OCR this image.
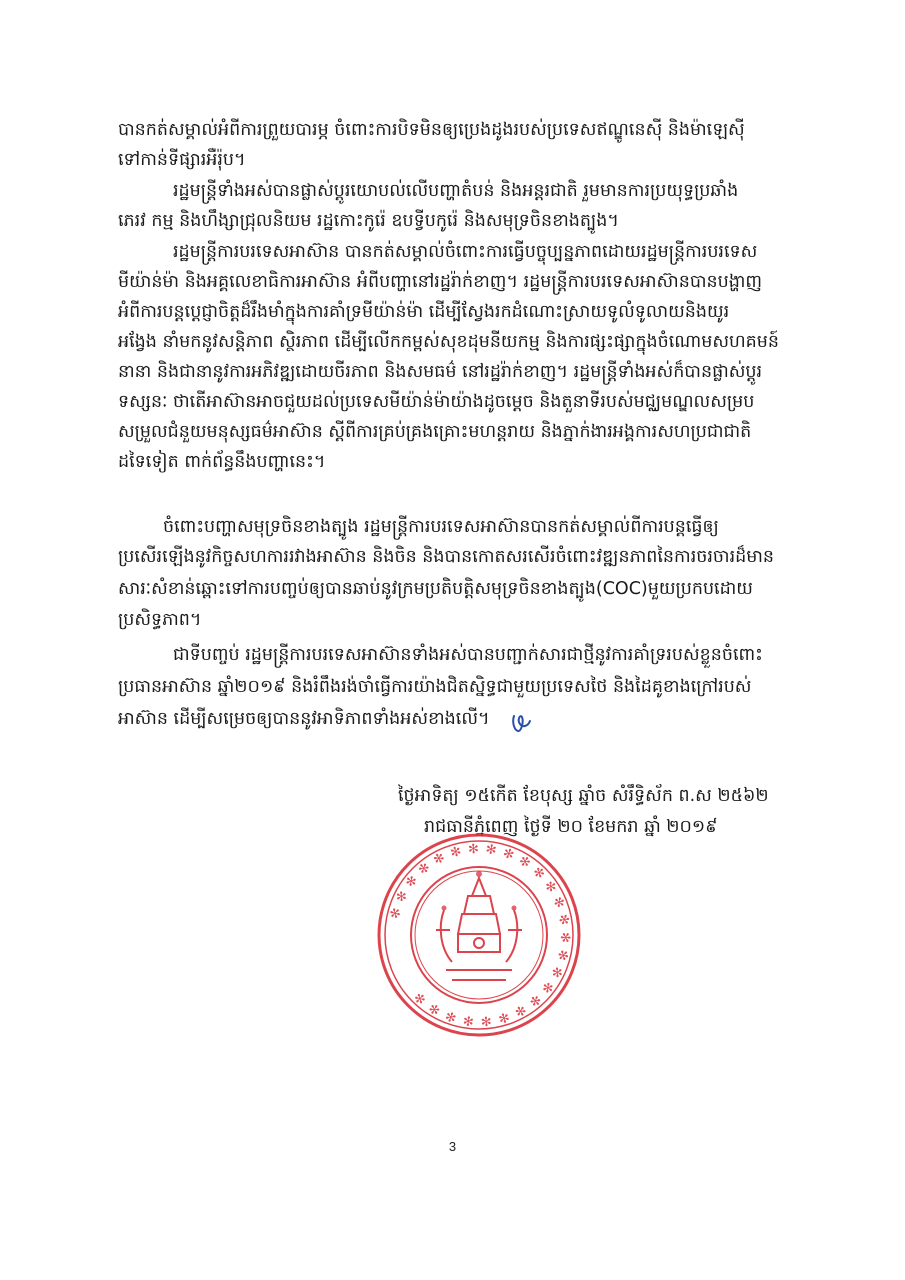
បានកត់សម្គាល់អំពីការព្រួយបារម្ភ ចំពោះការបិទមិនឲ្យប្រេងដូងរបស់ប្រទេសឥណ្ឌូនេស៊ី និងម៉ាឡេស៊ី
ទៅកាន់ទីផ្សារអឺរ៉ុប។
រដ្ឋមន្ត្រីទាំងអស់បានផ្លាស់ប្តូរយោបល់លើបញ្ហាតំបន់ និងអន្តរជាតិ រួមមានការប្រយុទ្ធប្រឆាំង
ភេរវ កម្ម និងហឹង្សាជ្រុលនិយម រដ្ឋកោះកូរ៉េ ឧបទ្វីបកូរ៉េ និងសមុទ្រចិនខាងត្បូង។
រដ្ឋមន្ត្រីការបរទេសអាស៊ាន បានកត់សម្គាល់ចំពោះការធ្វើបច្ចុប្បន្នភាពដោយរដ្ឋមន្ត្រីការបរទេស
មីយ៉ាន់ម៉ា និងអគ្គលេខាធិការអាស៊ាន អំពីបញ្ហានៅរដ្ឋរ៉ាក់ខាញ។ រដ្ឋមន្ត្រីការបរទេសអាស៊ានបានបង្ហាញ
អំពីការបន្តប្តេជ្ញាចិត្តដ៏រឹងមាំក្នុងការគាំទ្រមីយ៉ាន់ម៉ា ដើម្បីស្វែងរកដំណោះស្រាយទូលំទូលាយនិងយូរ
អង្វែង នាំមកនូវសន្តិភាព ស្ថិរភាព ដើម្បីលើកកម្ពស់សុខដុមនីយកម្ម និងការផ្សះផ្សាក្នុងចំណោមសហគមន៍
នានា និងជានានូវការអភិវឌ្ឍដោយចីរភាព និងសមធម៌ នៅរដ្ឋរ៉ាក់ខាញ។ រដ្ឋមន្ត្រីទាំងអស់ក៏បានផ្លាស់ប្តូរ
ទស្សនៈ ថាតើអាស៊ានអាចជួយដល់ប្រទេសមីយ៉ាន់ម៉ាយ៉ាងដូចម្តេច និងតួនាទីរបស់មជ្ឈមណ្ឌលសម្រប
សម្រួលជំនួយមនុស្សធម៌អាស៊ាន ស្តីពីការគ្រប់គ្រងគ្រោះមហន្តរាយ និងភ្នាក់ងារអង្គការសហប្រជាជាតិ
ដទៃទៀត ពាក់ព័ន្ធនឹងបញ្ហានេះ។
ចំពោះបញ្ហាសមុទ្រចិនខាងត្បូង រដ្ឋមន្ត្រីការបរទេសអាស៊ានបានកត់សម្គាល់ពីការបន្តធ្វើឲ្យ
ប្រសើរឡើងនូវកិច្ចសហការរវាងអាស៊ាន និងចិន និងបានកោតសរសើរចំពោះវឌ្ឍនភាពនៃការចរចារដ៏មាន
សារៈសំខាន់ឆ្ពោះទៅការបញ្ចប់ឲ្យបានឆាប់នូវក្រមប្រតិបត្តិសមុទ្រចិនខាងត្បូង(COC)មួយប្រកបដោយ
ប្រសិទ្ធភាព។
ជាទីបញ្ចប់ រដ្ឋមន្ត្រីការបរទេសអាស៊ានទាំងអស់បានបញ្ជាក់សារជាថ្មីនូវការគាំទ្ររបស់ខ្លួនចំពោះ
ប្រធានអាស៊ាន ឆ្នាំ២០១៩ និងរំពឹងរង់ចាំធ្វើការយ៉ាងជិតស្និទ្ធជាមួយប្រទេសថៃ និងដៃគូខាងក្រៅរបស់
អាស៊ាន ដើម្បីសម្រេចឲ្យបាននូវអាទិភាពទាំងអស់ខាងលើ។
ថ្ងៃអាទិត្យ ១៥កើត ខែបុស្ស ឆ្នាំច សំរឹទ្ធិស័ក ព.ស ២៥៦២
រាជធានីភ្នំពេញ ថ្ងៃទី ២០ ខែមករា ឆ្នាំ ២០១៩
✻ ✻ ✻ ✻ ✻ ✻ ✻ ✻ ✻ ✻ ✻ ✻ ✻ ✻ ✻ ✻ ✻ ✻ ✻ ✻ ✻ ✻ ✻ ✻ ✻ ✻
3
